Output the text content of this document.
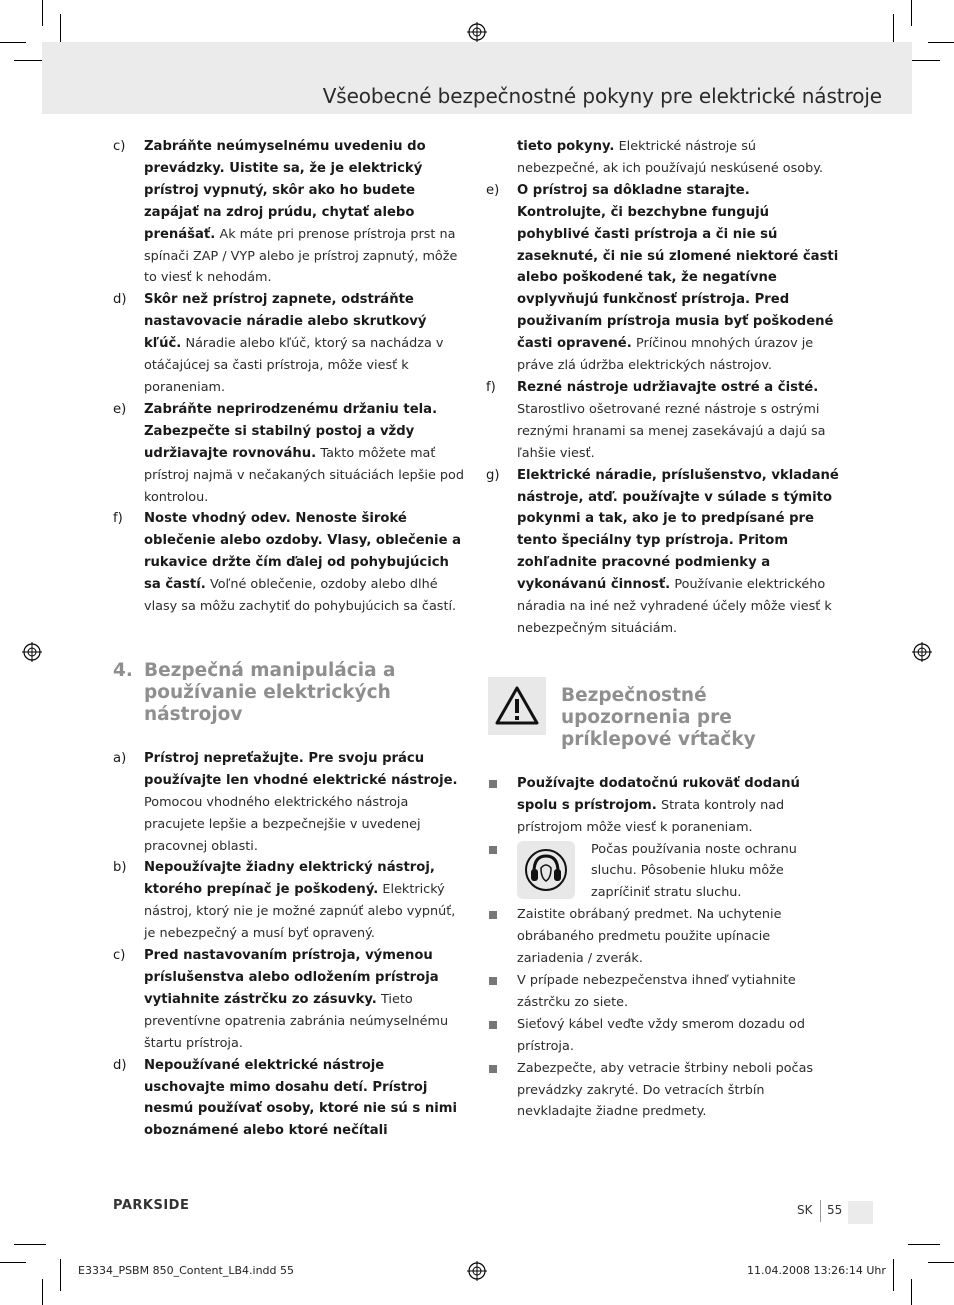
Všeobecné bezpečnostné pokyny pre elektrické nástroje
c)	Zabráňte neúmyselnému uvedeniu do prevádzky. Uistite sa, že je elektrický prístroj vypnutý, skôr ako ho budete zapájať na zdroj prúdu, chytať alebo prenášať. Ak máte pri prenose prístroja prst na spínači ZAP / VYP alebo je prístroj zapnutý, môže to viesť k nehodám.
d)	Skôr než prístroj zapnete, odstráňte nastavovacie náradie alebo skrutkový kľúč. Náradie alebo kľúč, ktorý sa nachádza v otáčajúcej sa časti prístroja, môže viesť k poraneniam.
e)	Zabráňte neprirodzenému držaniu tela. Zabezpečte si stabilný postoj a vždy udržiavajte rovnováhu. Takto môžete mať prístroj najmä v nečakaných situáciách lepšie pod kontrolou.
f)	Noste vhodný odev. Nenoste široké oblečenie alebo ozdoby. Vlasy, oblečenie a rukavice držte čím ďalej od pohybujúcich sa častí. Voľné oblečenie, ozdoby alebo dlhé vlasy sa môžu zachytiť do pohybujúcich sa častí.
4. Bezpečná manipulácia a používanie elektrických nástrojov
a)	Prístroj nepreťažujte. Pre svoju prácu používajte len vhodné elektrické nástroje. Pomocou vhodného elektrického nástroja pracujete lepšie a bezpečnejšie v uvedenej pracovnej oblasti.
b)	Nepoužívajte žiadny elektrický nástroj, ktorého prepínač je poškodený. Elektrický nástroj, ktorý nie je možné zapnúť alebo vypnúť, je nebezpečný a musí byť opravený.
c)	Pred nastavovaním prístroja, výmenou príslušenstva alebo odložením prístroja vytiahnite zástrčku zo zásuvky. Tieto preventívne opatrenia zabránia neúmyselnému štartu prístroja.
d)	Nepoužívané elektrické nástroje uschovajte mimo dosahu detí. Prístroj nesmú používať osoby, ktoré nie sú s nimi oboznámené alebo ktoré nečítali
tieto pokyny. Elektrické nástroje sú nebezpečné, ak ich používajú neskúsené osoby.
e)	O prístroj sa dôkladne starajte. Kontrolujte, či bezchybne fungujú pohyblivé časti prístroja a či nie sú zaseknuté, či nie sú zlomené niektoré časti alebo poškodené tak, že negatívne ovplyvňujú funkčnosť prístroja. Pred použivaním prístroja musia byť poškodené časti opravené. Príčinou mnohých úrazov je práve zlá údržba elektrických nástrojov.
f)	Rezné nástroje udržiavajte ostré a čisté. Starostlivo ošetrované rezné nástroje s ostrými reznými hranami sa menej zasekávajú a dajú sa ľahšie viesť.
g)	Elektrické náradie, príslušenstvo, vkladané nástroje, atď. používajte v súlade s týmito pokynmi a tak, ako je to predpísané pre tento špeciálny typ prístroja. Pritom zohľadnite pracovné podmienky a vykonávanú činnosť. Používanie elektrického náradia na iné než vyhradené účely môže viesť k nebezpečným situáciám.
Bezpečnostné upozornenia pre príklepové vŕtačky
Používajte dodatočnú rukoväť dodanú spolu s prístrojom. Strata kontroly nad prístrojom môže viesť k poraneniam.
Počas používania noste ochranu sluchu. Pôsobenie hluku môže zapríčiniť stratu sluchu.
Zaistite obrábaný predmet. Na uchytenie obrábaného predmetu použite upínacie zariadenia / zverák.
V prípade nebezpečenstva ihneď vytiahnite zástrčku zo siete.
Sieťový kábel veďte vždy smerom dozadu od prístroja.
Zabezpečte, aby vetracie štrbiny neboli počas prevádzky zakryté. Do vetracích štrbín nevkladajte žiadne predmety.
PARKSIDE	SK 55
E3334_PSBM 850_Content_LB4.indd 55	11.04.2008 13:26:14 Uhr
